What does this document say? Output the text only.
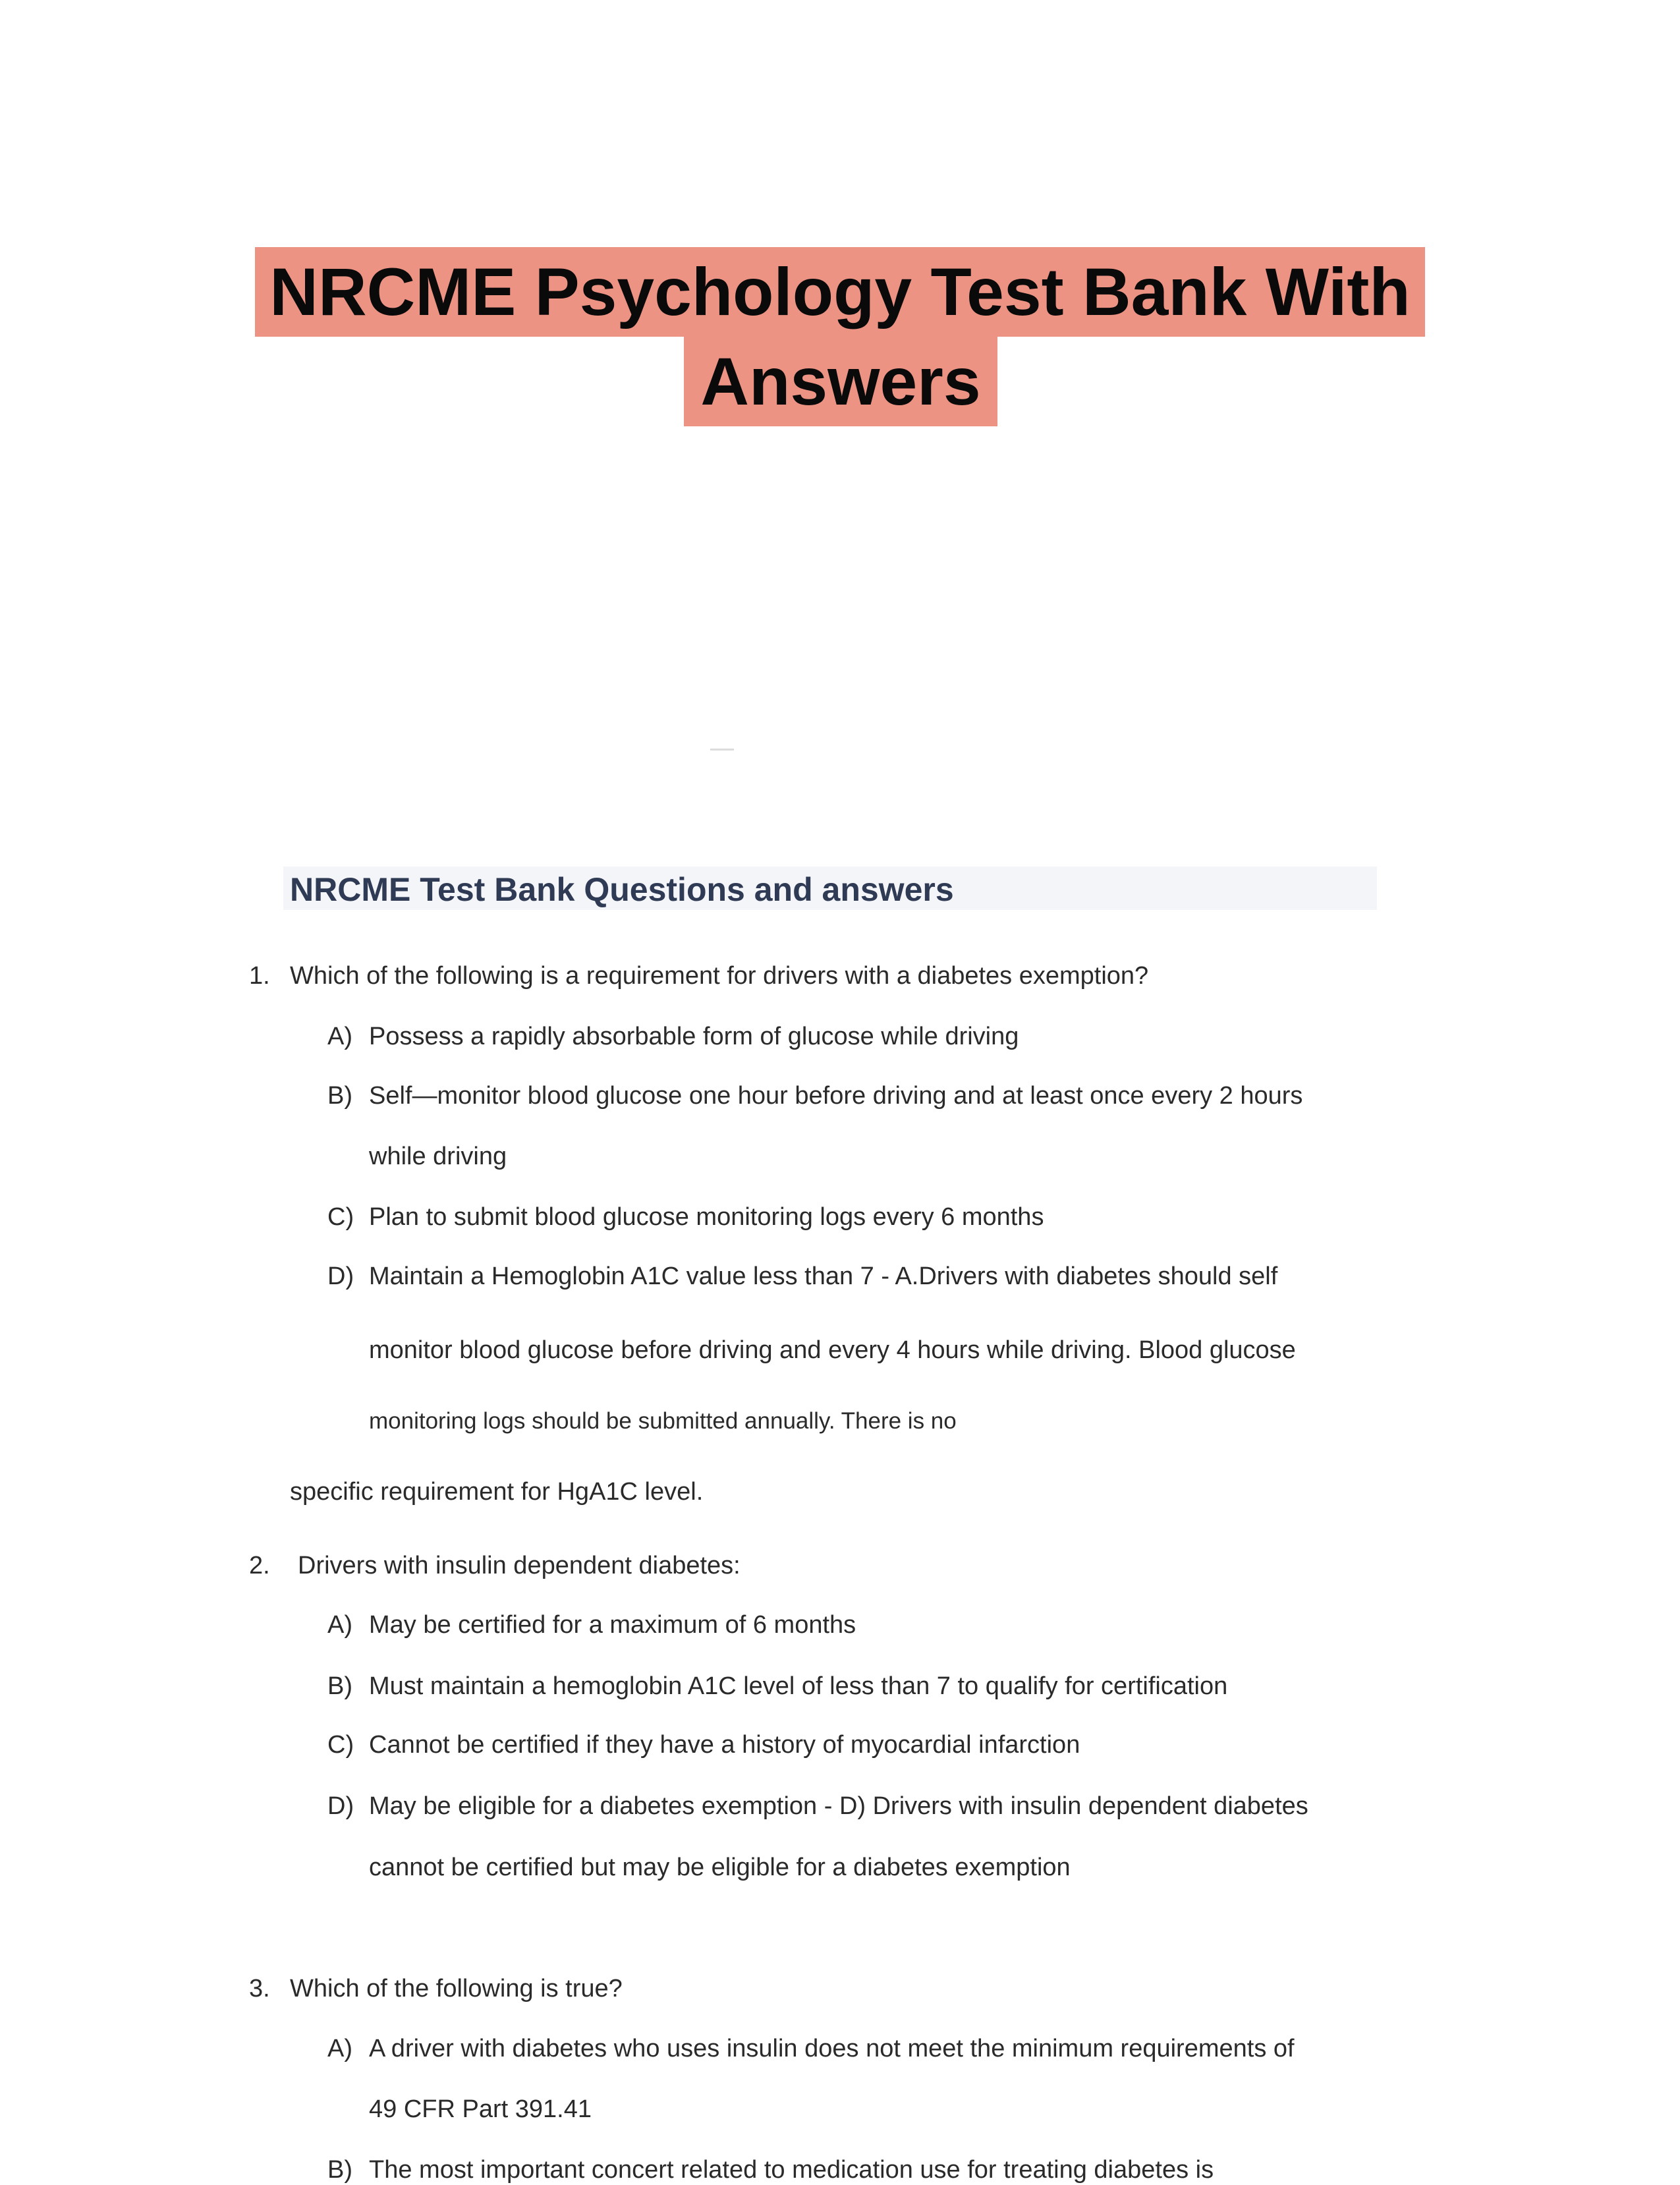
NRCME Psychology Test Bank With
Answers
NRCME Test Bank Questions and answers
1. Which of the following is a requirement for drivers with a diabetes exemption?
A) Possess a rapidly absorbable form of glucose while driving
B) Self—monitor blood glucose one hour before driving and at least once every 2 hours
while driving
C) Plan to submit blood glucose monitoring logs every 6 months
D) Maintain a Hemoglobin A1C value less than 7 - A.Drivers with diabetes should self
monitor blood glucose before driving and every 4 hours while driving. Blood glucose
monitoring logs should be submitted annually. There is no
specific requirement for HgA1C level.
2. Drivers with insulin dependent diabetes:
A) May be certified for a maximum of 6 months
B) Must maintain a hemoglobin A1C level of less than 7 to qualify for certification
C) Cannot be certified if they have a history of myocardial infarction
D) May be eligible for a diabetes exemption - D) Drivers with insulin dependent diabetes
cannot be certified but may be eligible for a diabetes exemption
3. Which of the following is true?
A) A driver with diabetes who uses insulin does not meet the minimum requirements of
49 CFR Part 391.41
B) The most important concert related to medication use for treating diabetes is
